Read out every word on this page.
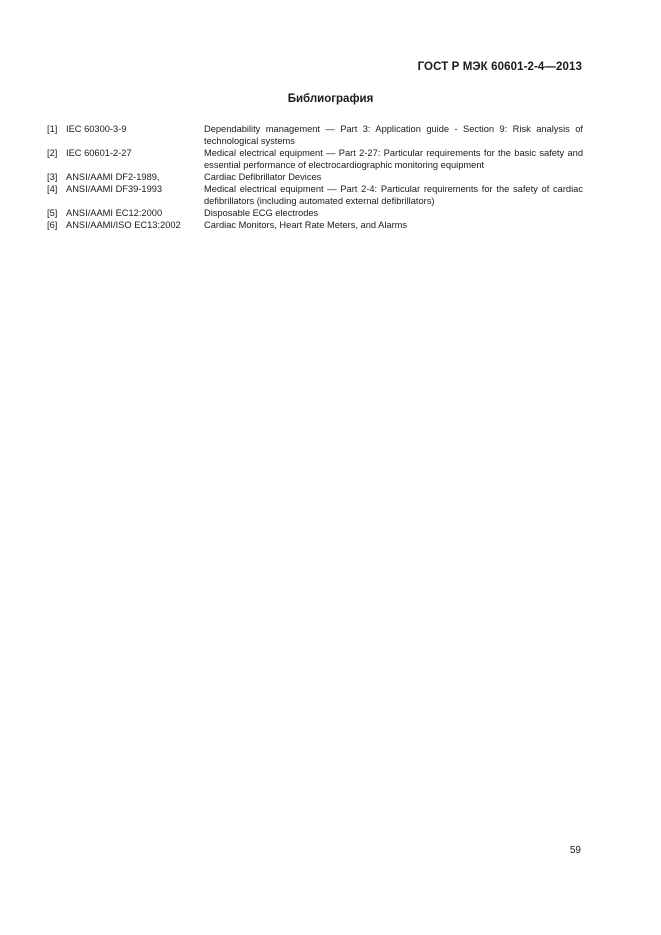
ГОСТ Р МЭК 60601-2-4—2013
Библиография
[1] IEC 60300-3-9	Dependability management — Part 3: Application guide - Section 9: Risk analysis of technological systems
[2] IEC 60601-2-27	Medical electrical equipment — Part 2-27: Particular requirements for the basic safety and essential performance of electrocardiographic monitoring equipment
[3] ANSI/AAMI DF2-1989,	Cardiac Defibrillator Devices
[4] ANSI/AAMI DF39-1993	Medical electrical equipment — Part 2-4: Particular requirements for the safety of cardiac defibrillators (including automated external defibrillators)
[5] ANSI/AAMI EC12:2000	Disposable ECG electrodes
[6] ANSI/AAMI/ISO EC13:2002	Cardiac Monitors, Heart Rate Meters, and Alarms
59
